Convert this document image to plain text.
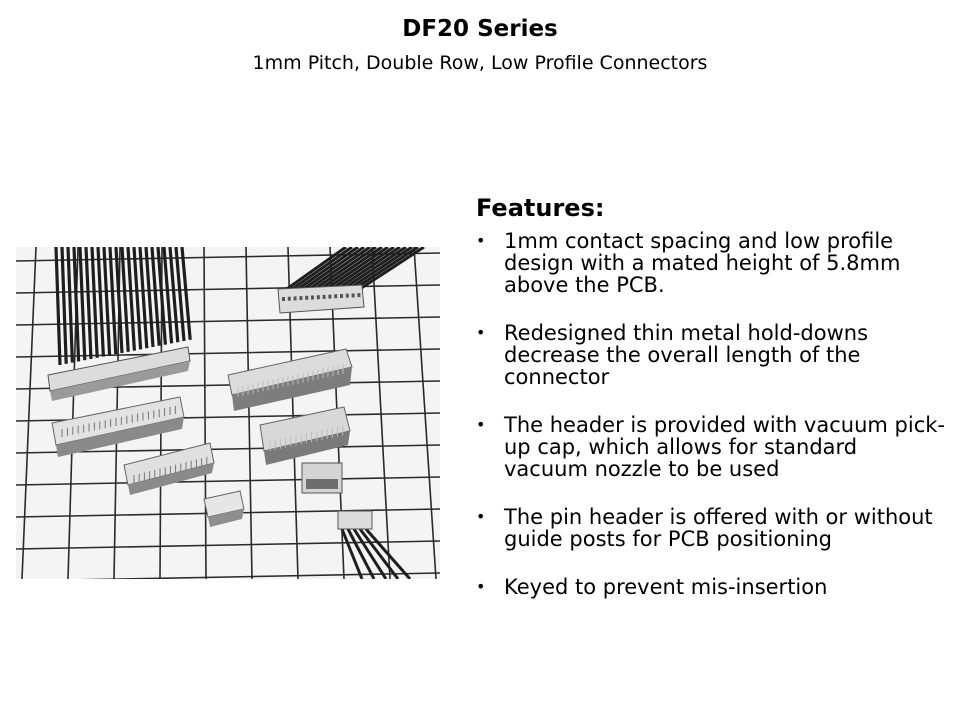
DF20 Series
1mm Pitch, Double Row, Low Profile Connectors
Features:
• 1mm contact spacing and low profile design with a mated height of 5.8mm above the PCB.
• Redesigned thin metal hold-downs decrease the overall length of the connector
• The header is provided with vacuum pick-up cap, which allows for standard vacuum nozzle to be used
• The pin header is offered with or without guide posts for PCB positioning
• Keyed to prevent mis-insertion
